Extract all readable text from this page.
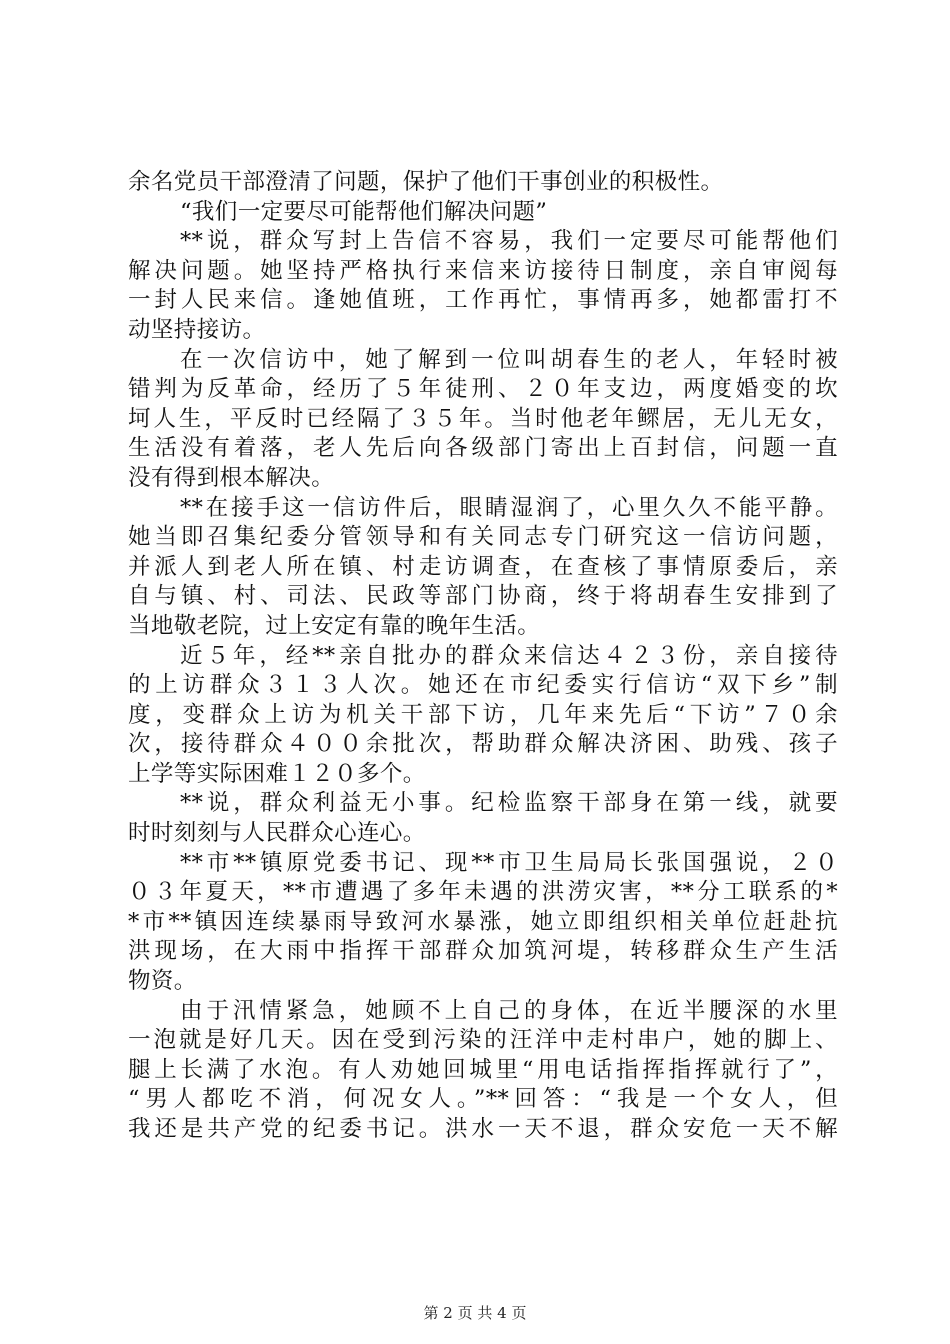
余名党员干部澄清了问题，保护了他们干事创业的积极性。
“我们一定要尽可能帮他们解决问题”
**说，群众写封上告信不容易，我们一定要尽可能帮他们
解决问题。她坚持严格执行来信来访接待日制度，亲自审阅每
一封人民来信。逢她值班，工作再忙，事情再多，她都雷打不
动坚持接访。
在一次信访中，她了解到一位叫胡春生的老人，年轻时被
错判为反革命，经历了５年徒刑、２０年支边，两度婚变的坎
坷人生，平反时已经隔了３５年。当时他老年鳏居，无儿无女，
生活没有着落，老人先后向各级部门寄出上百封信，问题一直
没有得到根本解决。
**在接手这一信访件后，眼睛湿润了，心里久久不能平静。
她当即召集纪委分管领导和有关同志专门研究这一信访问题，
并派人到老人所在镇、村走访调查，在查核了事情原委后，亲
自与镇、村、司法、民政等部门协商，终于将胡春生安排到了
当地敬老院，过上安定有靠的晚年生活。
近５年，经**亲自批办的群众来信达４２３份，亲自接待
的上访群众３１３人次。她还在市纪委实行信访“双下乡”制
度，变群众上访为机关干部下访，几年来先后“下访”７０余
次，接待群众４００余批次，帮助群众解决济困、助残、孩子
上学等实际困难１２０多个。
**说，群众利益无小事。纪检监察干部身在第一线，就要
时时刻刻与人民群众心连心。
**市**镇原党委书记、现**市卫生局局长张国强说，２０
０３年夏天，**市遭遇了多年未遇的洪涝灾害，**分工联系的*
*市**镇因连续暴雨导致河水暴涨，她立即组织相关单位赶赴抗
洪现场，在大雨中指挥干部群众加筑河堤，转移群众生产生活
物资。
由于汛情紧急，她顾不上自己的身体，在近半腰深的水里
一泡就是好几天。因在受到污染的汪洋中走村串户，她的脚上、
腿上长满了水泡。有人劝她回城里“用电话指挥指挥就行了”，
“男人都吃不消，何况女人。”**回答：“我是一个女人，但
我还是共产党的纪委书记。洪水一天不退，群众安危一天不解
第 2 页 共 4 页
